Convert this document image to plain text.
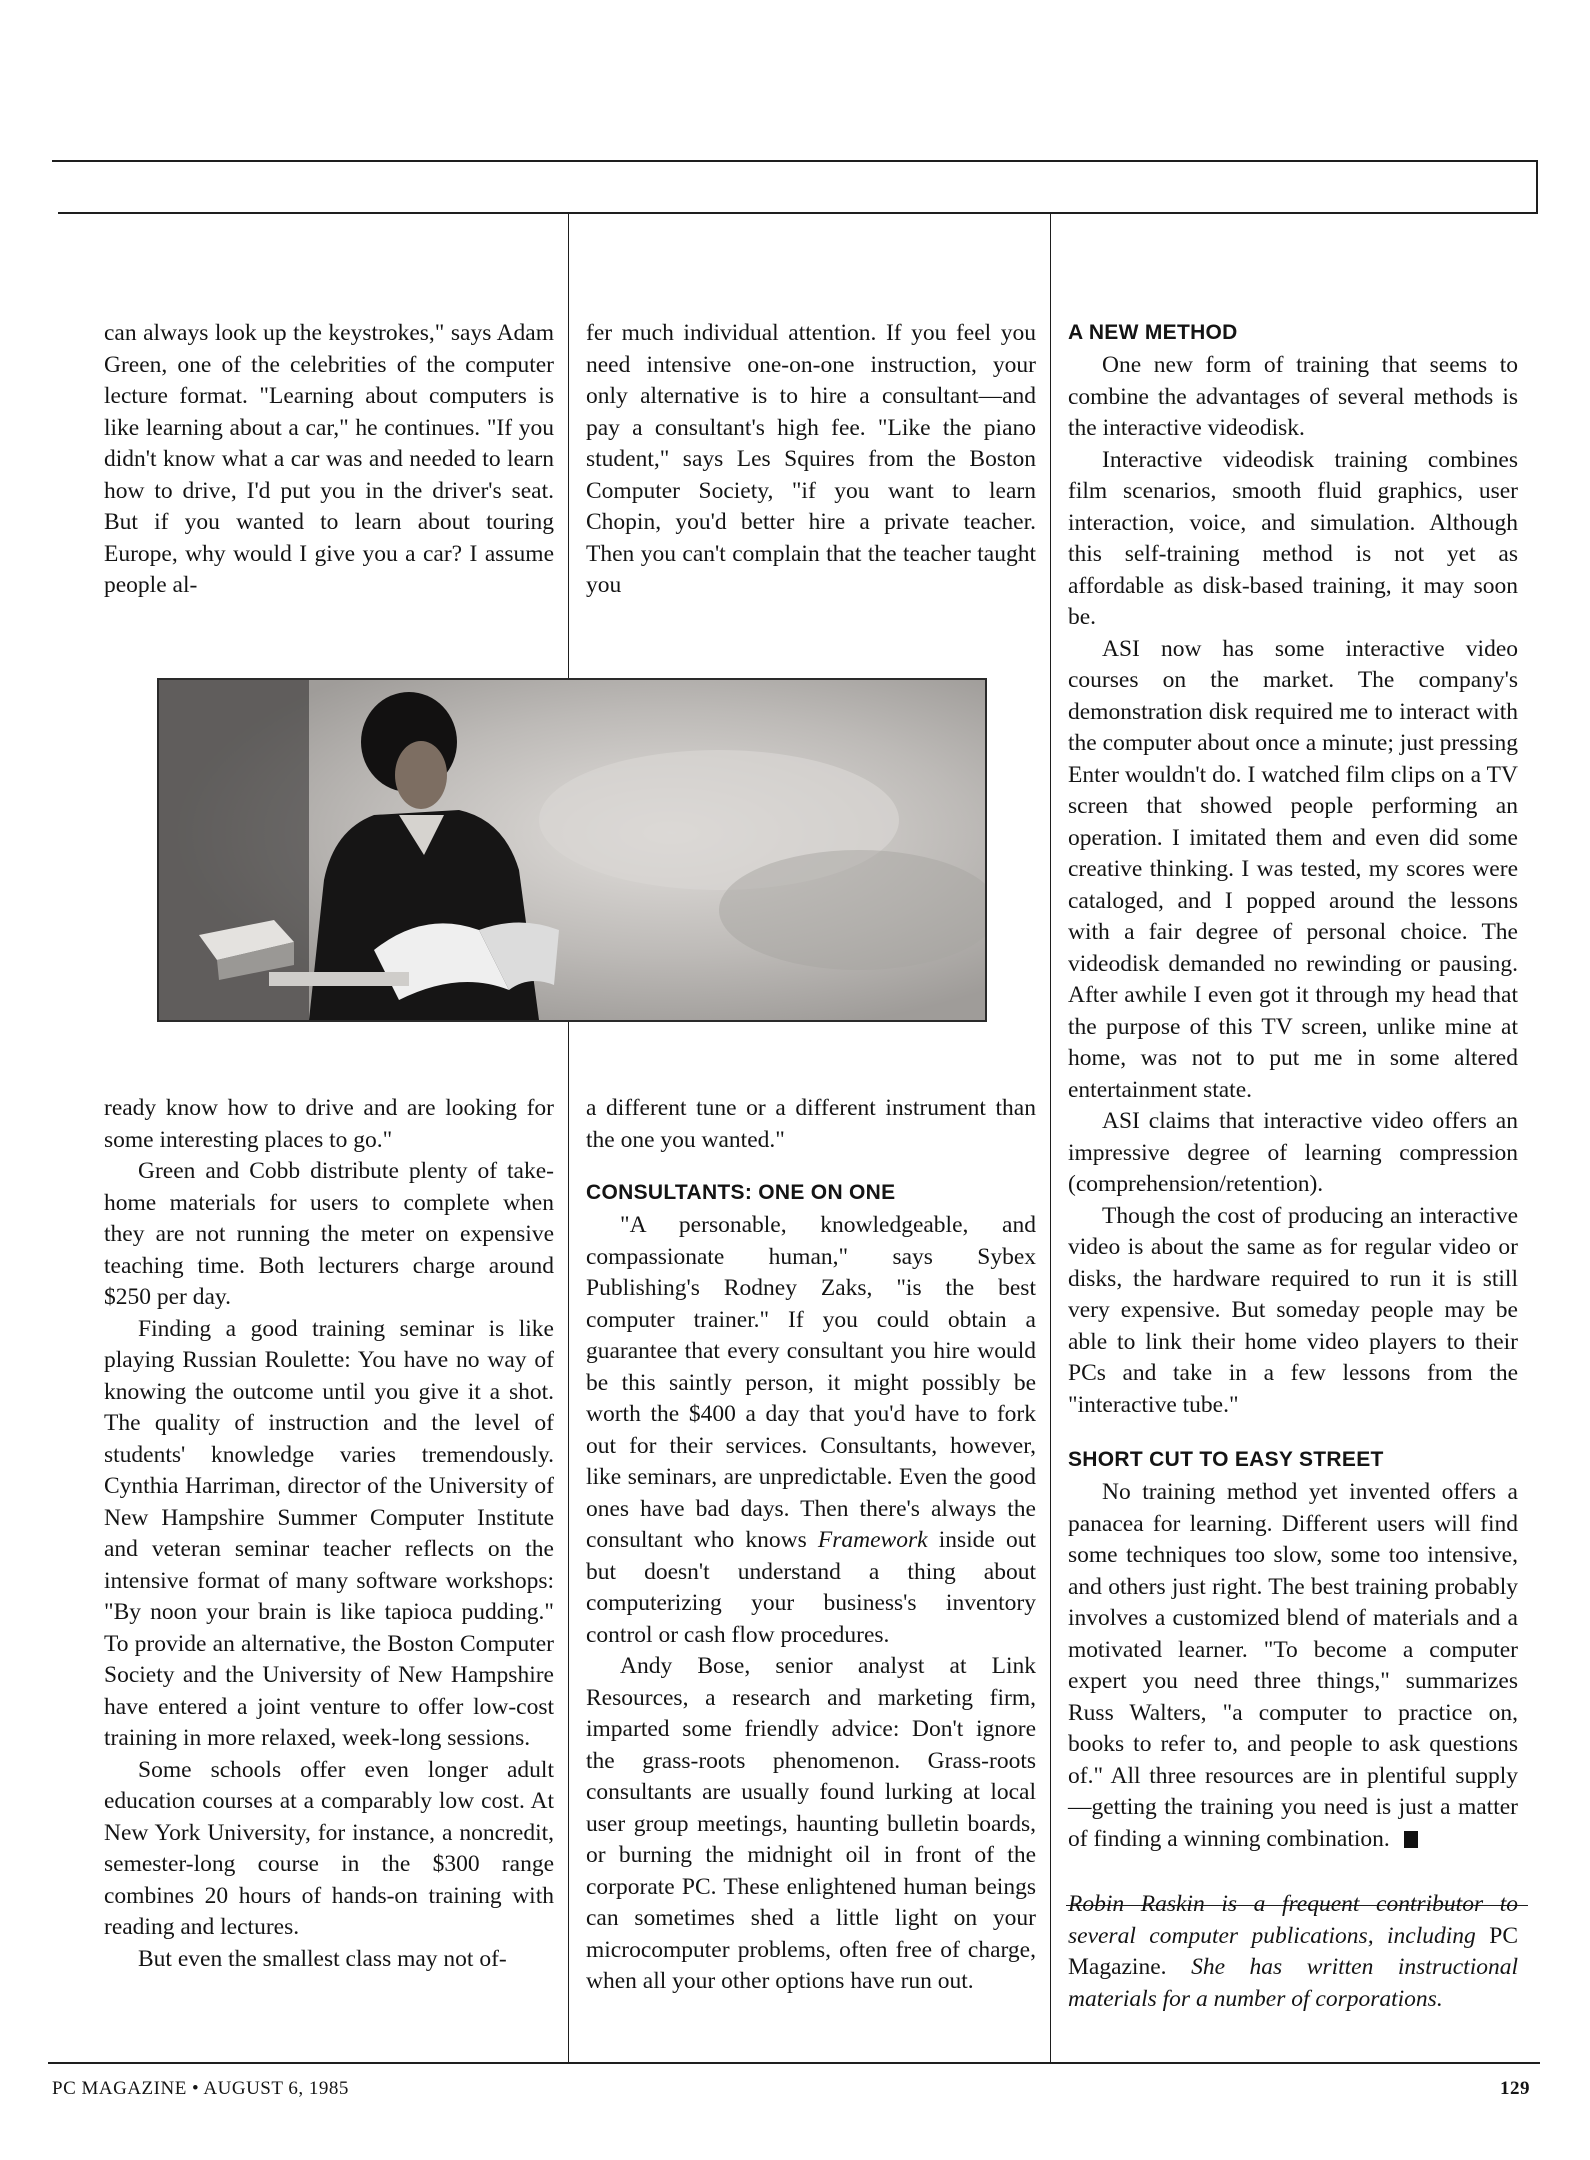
can always look up the keystrokes," says Adam Green, one of the celebrities of the computer lecture format. "Learning about computers is like learning about a car," he continues. "If you didn't know what a car was and needed to learn how to drive, I'd put you in the driver's seat. But if you wanted to learn about touring Europe, why would I give you a car? I assume people al-

ready know how to drive and are looking for some interesting places to go."

Green and Cobb distribute plenty of take-home materials for users to complete when they are not running the meter on expensive teaching time. Both lecturers charge around $250 per day.

Finding a good training seminar is like playing Russian Roulette: You have no way of knowing the outcome until you give it a shot. The quality of instruction and the level of students' knowledge varies tremendously. Cynthia Harriman, director of the University of New Hampshire Summer Computer Institute and veteran seminar teacher reflects on the intensive format of many software workshops: "By noon your brain is like tapioca pudding." To provide an alternative, the Boston Computer Society and the University of New Hampshire have entered a joint venture to offer low-cost training in more relaxed, week-long sessions.

Some schools offer even longer adult education courses at a comparably low cost. At New York University, for instance, a noncredit, semester-long course in the $300 range combines 20 hours of hands-on training with reading and lectures.

But even the smallest class may not of-

fer much individual attention. If you feel you need intensive one-on-one instruction, your only alternative is to hire a consultant—and pay a consultant's high fee. "Like the piano student," says Les Squires from the Boston Computer Society, "if you want to learn Chopin, you'd better hire a private teacher. Then you can't complain that the teacher taught you

a different tune or a different instrument than the one you wanted."

CONSULTANTS: ONE ON ONE

"A personable, knowledgeable, and compassionate human," says Sybex Publishing's Rodney Zaks, "is the best computer trainer." If you could obtain a guarantee that every consultant you hire would be this saintly person, it might possibly be worth the $400 a day that you'd have to fork out for their services. Consultants, however, like seminars, are unpredictable. Even the good ones have bad days. Then there's always the consultant who knows Framework inside out but doesn't understand a thing about computerizing your business's inventory control or cash flow procedures.

Andy Bose, senior analyst at Link Resources, a research and marketing firm, imparted some friendly advice: Don't ignore the grass-roots phenomenon. Grass-roots consultants are usually found lurking at local user group meetings, haunting bulletin boards, or burning the midnight oil in front of the corporate PC. These enlightened human beings can sometimes shed a little light on your microcomputer problems, often free of charge, when all your other options have run out.

A NEW METHOD

One new form of training that seems to combine the advantages of several methods is the interactive videodisk.

Interactive videodisk training combines film scenarios, smooth fluid graphics, user interaction, voice, and simulation. Although this self-training method is not yet as affordable as disk-based training, it may soon be.

ASI now has some interactive video courses on the market. The company's demonstration disk required me to interact with the computer about once a minute; just pressing Enter wouldn't do. I watched film clips on a TV screen that showed people performing an operation. I imitated them and even did some creative thinking. I was tested, my scores were cataloged, and I popped around the lessons with a fair degree of personal choice. The videodisk demanded no rewinding or pausing. After awhile I even got it through my head that the purpose of this TV screen, unlike mine at home, was not to put me in some altered entertainment state.

ASI claims that interactive video offers an impressive degree of learning compression (comprehension/retention).

Though the cost of producing an interactive video is about the same as for regular video or disks, the hardware required to run it is still very expensive. But someday people may be able to link their home video players to their PCs and take in a few lessons from the "interactive tube."

SHORT CUT TO EASY STREET

No training method yet invented offers a panacea for learning. Different users will find some techniques too slow, some too intensive, and others just right. The best training probably involves a customized blend of materials and a motivated learner. "To become a computer expert you need three things," summarizes Russ Walters, "a computer to practice on, books to refer to, and people to ask questions of." All three resources are in plentiful supply—getting the training you need is just a matter of finding a winning combination.

Robin Raskin is a frequent contributor to several computer publications, including PC Magazine. She has written instructional materials for a number of corporations.

PC MAGAZINE • AUGUST 6, 1985	129
